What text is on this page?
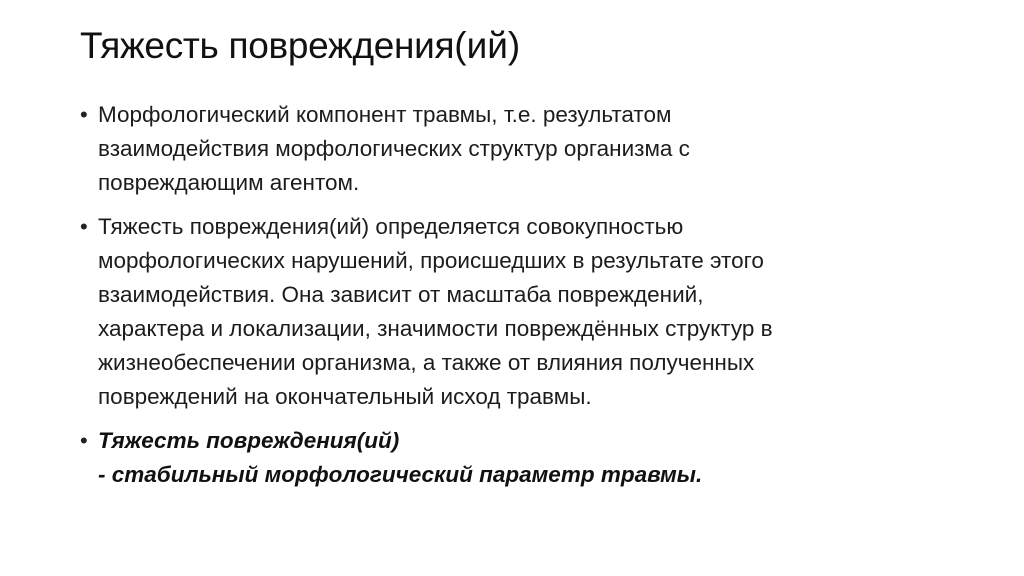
Тяжесть повреждения(ий)
• Морфологический компонент травмы, т.е. результатом
взаимодействия морфологических структур организма с
повреждающим агентом.
• Тяжесть повреждения(ий) определяется совокупностью
морфологических нарушений, происшедших в результате этого
взаимодействия. Она зависит от масштаба повреждений,
характера и локализации, значимости повреждённых структур в
жизнеобеспечении организма, а также от влияния полученных
повреждений на окончательный исход травмы.
• Тяжесть повреждения(ий)
- стабильный морфологический параметр травмы.
